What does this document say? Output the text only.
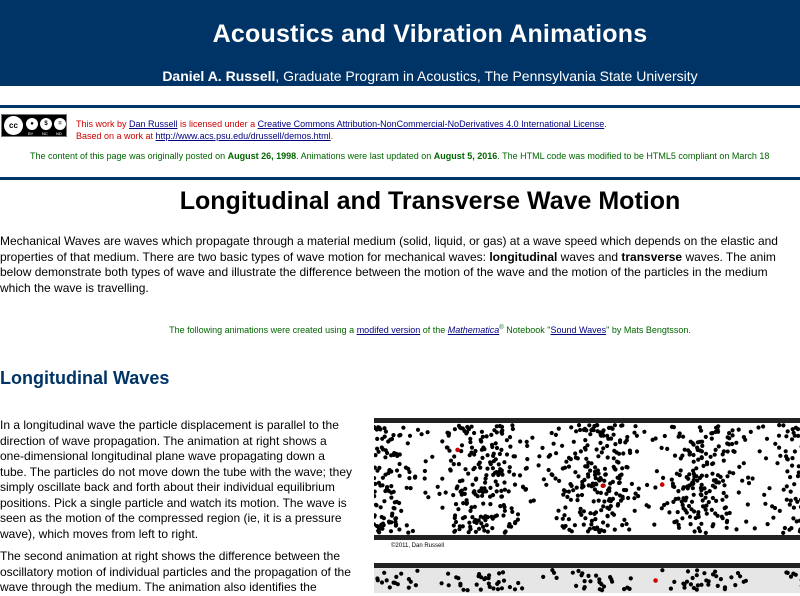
Acoustics and Vibration Animations
Daniel A. Russell, Graduate Program in Acoustics, The Pennsylvania State University
cc	●	$	=
BY NC ND
This work by Dan Russell is licensed under a Creative Commons Attribution-NonCommercial-NoDerivatives 4.0 International License.
Based on a work at http://www.acs.psu.edu/drussell/demos.html.
The content of this page was originally posted on August 26, 1998. Animations were last updated on August 5, 2016. The HTML code was modified to be HTML5 compliant on March 18
Longitudinal and Transverse Wave Motion
Mechanical Waves are waves which propagate through a material medium (solid, liquid, or gas) at a wave speed which depends on the elastic and
properties of that medium. There are two basic types of wave motion for mechanical waves: longitudinal waves and transverse waves. The anim
below demonstrate both types of wave and illustrate the difference between the motion of the wave and the motion of the particles in the medium
which the wave is travelling.
The following animations were created using a modifed version of the Mathematica® Notebook "Sound Waves" by Mats Bengtsson.
Longitudinal Waves
In a longitudinal wave the particle displacement is parallel to the
direction of wave propagation. The animation at right shows a
one-dimensional longitudinal plane wave propagating down a
tube. The particles do not move down the tube with the wave; they
simply oscillate back and forth about their individual equilibrium
positions. Pick a single particle and watch its motion. The wave is
seen as the motion of the compressed region (ie, it is a pressure
wave), which moves from left to right.
The second animation at right shows the difference between the
oscillatory motion of individual particles and the propagation of the
wave through the medium. The animation also identifies the
©2011, Dan Russell
